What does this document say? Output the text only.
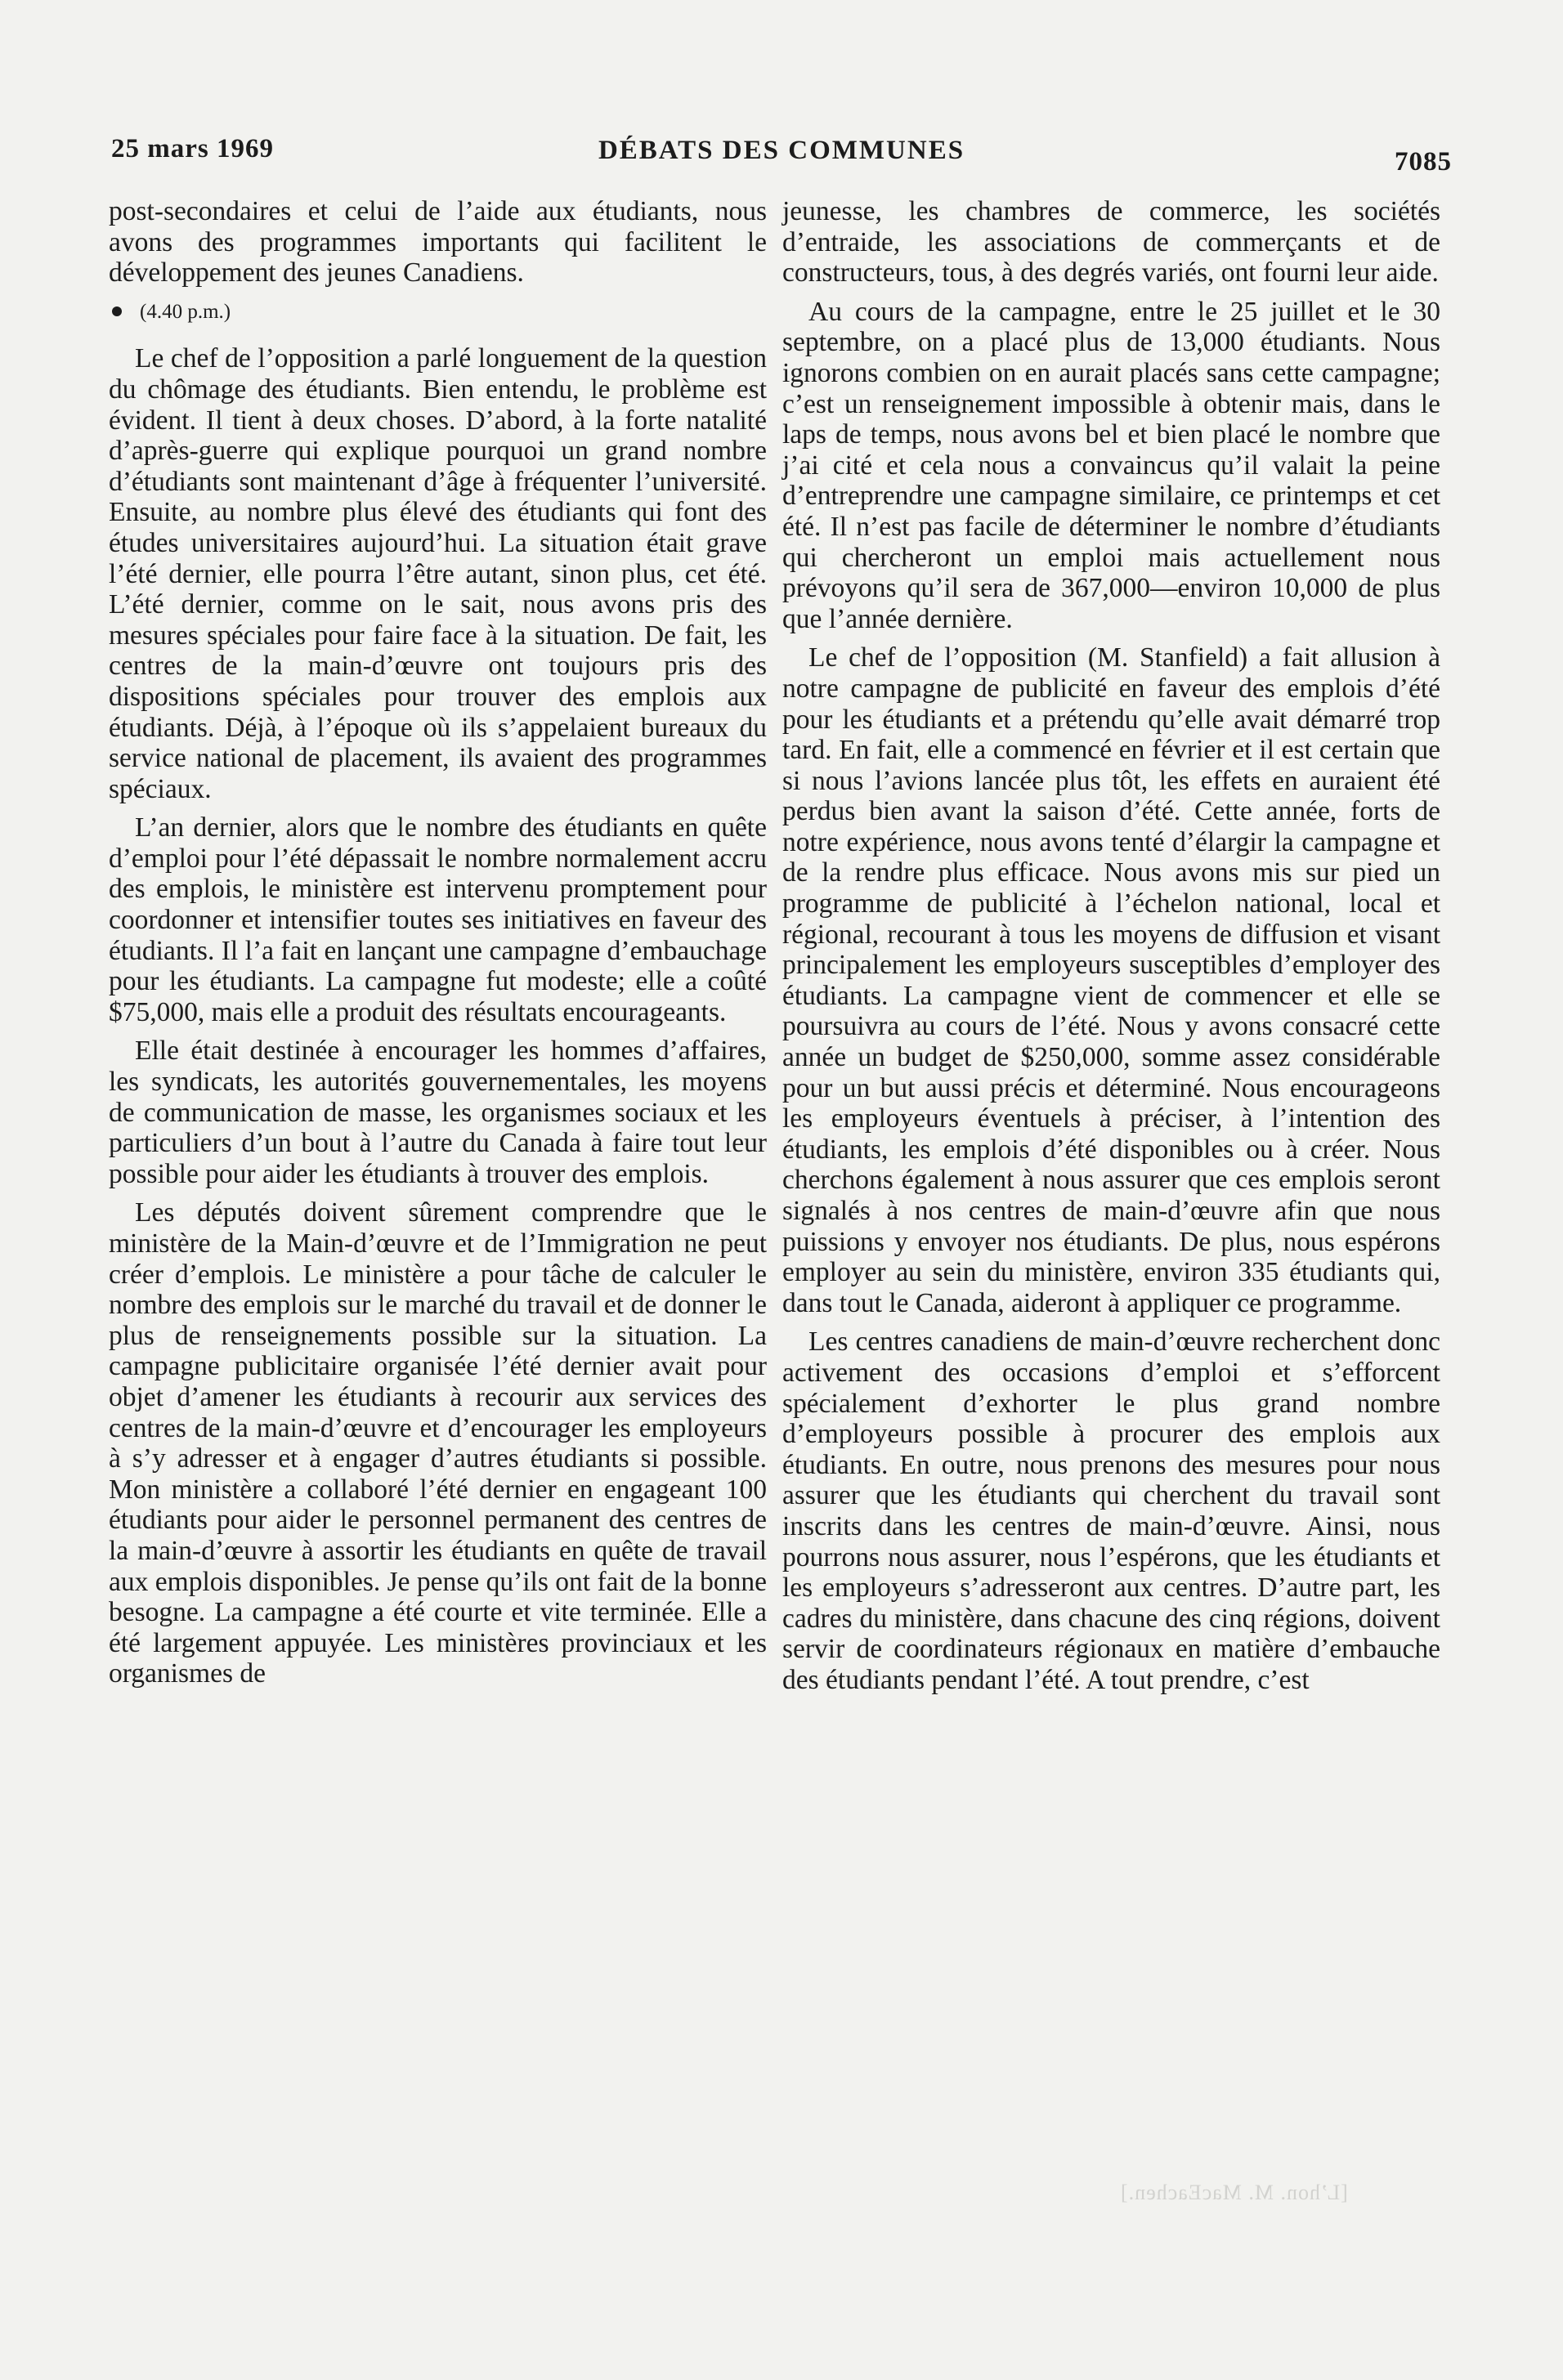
25 mars 1969	DÉBATS DES COMMUNES	7085

post-secondaires et celui de l’aide aux étudiants, nous avons des programmes importants qui facilitent le développement des jeunes Canadiens.

(4.40 p.m.)

Le chef de l’opposition a parlé longuement de la question du chômage des étudiants. Bien entendu, le problème est évident. Il tient à deux choses. D’abord, à la forte natalité d’après-guerre qui explique pourquoi un grand nombre d’étudiants sont maintenant d’âge à fréquenter l’université. Ensuite, au nombre plus élevé des étudiants qui font des études universitaires aujourd’hui. La situation était grave l’été dernier, elle pourra l’être autant, sinon plus, cet été. L’été dernier, comme on le sait, nous avons pris des mesures spéciales pour faire face à la situation. De fait, les centres de la main-d’œuvre ont toujours pris des dispositions spéciales pour trouver des emplois aux étudiants. Déjà, à l’époque où ils s’appelaient bureaux du service national de placement, ils avaient des programmes spéciaux.

L’an dernier, alors que le nombre des étudiants en quête d’emploi pour l’été dépassait le nombre normalement accru des emplois, le ministère est intervenu promptement pour coordonner et intensifier toutes ses initiatives en faveur des étudiants. Il l’a fait en lançant une campagne d’embauchage pour les étudiants. La campagne fut modeste; elle a coûté $75,000, mais elle a produit des résultats encourageants.

Elle était destinée à encourager les hommes d’affaires, les syndicats, les autorités gouvernementales, les moyens de communication de masse, les organismes sociaux et les particuliers d’un bout à l’autre du Canada à faire tout leur possible pour aider les étudiants à trouver des emplois.

Les députés doivent sûrement comprendre que le ministère de la Main-d’œuvre et de l’Immigration ne peut créer d’emplois. Le ministère a pour tâche de calculer le nombre des emplois sur le marché du travail et de donner le plus de renseignements possible sur la situation. La campagne publicitaire organisée l’été dernier avait pour objet d’amener les étudiants à recourir aux services des centres de la main-d’œuvre et d’encourager les employeurs à s’y adresser et à engager d’autres étudiants si possible. Mon ministère a collaboré l’été dernier en engageant 100 étudiants pour aider le personnel permanent des centres de la main-d’œuvre à assortir les étudiants en quête de travail aux emplois disponibles. Je pense qu’ils ont fait de la bonne besogne. La campagne a été courte et vite terminée. Elle a été largement appuyée. Les ministères provinciaux et les organismes de

jeunesse, les chambres de commerce, les sociétés d’entraide, les associations de commerçants et de constructeurs, tous, à des degrés variés, ont fourni leur aide.

Au cours de la campagne, entre le 25 juillet et le 30 septembre, on a placé plus de 13,000 étudiants. Nous ignorons combien on en aurait placés sans cette campagne; c’est un renseignement impossible à obtenir mais, dans le laps de temps, nous avons bel et bien placé le nombre que j’ai cité et cela nous a convaincus qu’il valait la peine d’entreprendre une campagne similaire, ce printemps et cet été. Il n’est pas facile de déterminer le nombre d’étudiants qui chercheront un emploi mais actuellement nous prévoyons qu’il sera de 367,000—environ 10,000 de plus que l’année dernière.

Le chef de l’opposition (M. Stanfield) a fait allusion à notre campagne de publicité en faveur des emplois d’été pour les étudiants et a prétendu qu’elle avait démarré trop tard. En fait, elle a commencé en février et il est certain que si nous l’avions lancée plus tôt, les effets en auraient été perdus bien avant la saison d’été. Cette année, forts de notre expérience, nous avons tenté d’élargir la campagne et de la rendre plus efficace. Nous avons mis sur pied un programme de publicité à l’échelon national, local et régional, recourant à tous les moyens de diffusion et visant principalement les employeurs susceptibles d’employer des étudiants. La campagne vient de commencer et elle se poursuivra au cours de l’été. Nous y avons consacré cette année un budget de $250,000, somme assez considérable pour un but aussi précis et déterminé. Nous encourageons les employeurs éventuels à préciser, à l’intention des étudiants, les emplois d’été disponibles ou à créer. Nous cherchons également à nous assurer que ces emplois seront signalés à nos centres de main-d’œuvre afin que nous puissions y envoyer nos étudiants. De plus, nous espérons employer au sein du ministère, environ 335 étudiants qui, dans tout le Canada, aideront à appliquer ce programme.

Les centres canadiens de main-d’œuvre recherchent donc activement des occasions d’emploi et s’efforcent spécialement d’exhorter le plus grand nombre d’employeurs possible à procurer des emplois aux étudiants. En outre, nous prenons des mesures pour nous assurer que les étudiants qui cherchent du travail sont inscrits dans les centres de main-d’œuvre. Ainsi, nous pourrons nous assurer, nous l’espérons, que les étudiants et les employeurs s’adresseront aux centres. D’autre part, les cadres du ministère, dans chacune des cinq régions, doivent servir de coordinateurs régionaux en matière d’embauche des étudiants pendant l’été. A tout prendre, c’est

[L’hon. M. MacEachen.]
